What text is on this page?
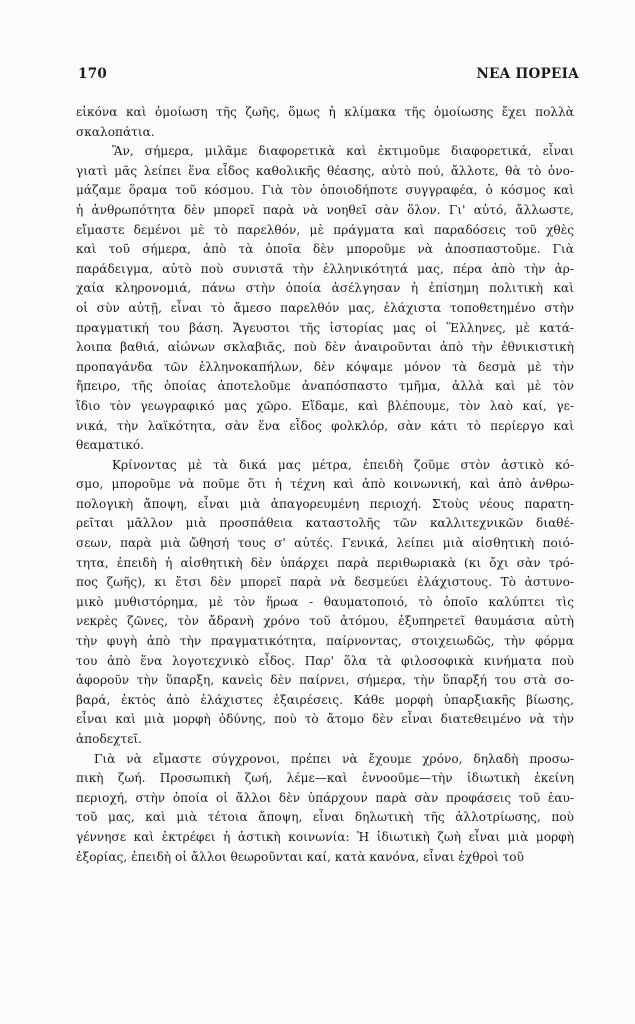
170	ΝΕΑ ΠΟΡΕΙΑ
εἰκόνα καὶ ὁμοίωση τῆς ζωῆς, ὅμως ἡ κλίμακα τῆς ὁμοίωσης ἔχει πολλὰ
σκαλοπάτια.
Ἂν, σήμερα, μιλᾶμε διαφορετικὰ καὶ ἐκτιμοῦμε διαφορετικά, εἶναι
γιατὶ μᾶς λείπει ἕνα εἶδος καθολικῆς θέασης, αὐτὸ πού, ἄλλοτε, θὰ τὸ ὀνο-
μάζαμε ὅραμα τοῦ κόσμου. Γιὰ τὸν ὁποιοδήποτε συγγραφέα, ὁ κόσμος καὶ
ἡ ἀνθρωπότητα δὲν μπορεῖ παρὰ νὰ νοηθεῖ σὰν ὅλον. Γι' αὐτό, ἄλλωστε,
εἴμαστε δεμένοι μὲ τὸ παρελθόν, μὲ πράγματα καὶ παραδόσεις τοῦ χθὲς
καὶ τοῦ σήμερα, ἀπὸ τὰ ὁποῖα δὲν μποροῦμε νὰ ἀποσπαστοῦμε. Γιὰ
παράδειγμα, αὐτὸ ποὺ συνιστᾶ τὴν ἑλληνικότητά μας, πέρα ἀπὸ τὴν ἀρ-
χαία κληρονομιά, πάνω στὴν ὁποία ἀσέλγησαν ἡ ἐπίσημη πολιτικὴ καὶ
οἱ σὺν αὐτῇ, εἶναι τὸ ἄμεσο παρελθόν μας, ἐλάχιστα τοποθετημένο στὴν
πραγματική του βάση. Ἄγευστοι τῆς ἱστορίας μας οἱ Ἕλληνες, μὲ κατά-
λοιπα βαθιά, αἰώνων σκλαβιᾶς, ποὺ δὲν ἀναιροῦνται ἀπὸ τὴν ἐθνικιστικὴ
προπαγάνδα τῶν ἑλληνοκαπήλων, δὲν κόψαμε μόνον τὰ δεσμὰ μὲ τὴν
ἤπειρο, τῆς ὁποίας ἀποτελοῦμε ἀναπόσπαστο τμῆμα, ἀλλὰ καὶ μὲ τὸν
ἴδιο τὸν γεωγραφικό μας χῶρο. Εἴδαμε, καὶ βλέπουμε, τὸν λαὸ καί, γε-
νικά, τὴν λαϊκότητα, σὰν ἕνα εἶδος φολκλόρ, σὰν κάτι τὸ περίεργο καὶ
θεαματικό.
Κρίνοντας μὲ τὰ δικά μας μέτρα, ἐπειδὴ ζοῦμε στὸν ἀστικὸ κό-
σμο, μποροῦμε νὰ ποῦμε ὅτι ἡ τέχνη καὶ ἀπὸ κοινωνική, καὶ ἀπὸ ἀνθρω-
πολογικὴ ἄποψη, εἶναι μιὰ ἀπαγορευμένη περιοχή. Στοὺς νέους παρατη-
ρεῖται μᾶλλον μιὰ προσπάθεια καταστολῆς τῶν καλλιτεχνικῶν διαθέ-
σεων, παρὰ μιὰ ὤθησή τους σ' αὐτές. Γενικά, λείπει μιὰ αἰσθητικὴ ποιό-
τητα, ἐπειδὴ ἡ αἰσθητικὴ δὲν ὑπάρχει παρὰ περιθωριακὰ (κι ὄχι σὰν τρό-
πος ζωῆς), κι ἔτσι δὲν μπορεῖ παρὰ νὰ δεσμεύει ἐλάχιστους. Τὸ ἀστυνο-
μικὸ μυθιστόρημα, μὲ τὸν ἥρωα - θαυματοποιό, τὸ ὁποῖο καλύπτει τὶς
νεκρὲς ζῶνες, τὸν ἄδρανὴ χρόνο τοῦ ἀτόμου, ἐξυπηρετεῖ θαυμάσια αὐτὴ
τὴν φυγὴ ἀπὸ τὴν πραγματικότητα, παίρνοντας, στοιχειωδῶς, τὴν φόρμα
του ἀπὸ ἕνα λογοτεχνικὸ εἶδος. Παρ' ὅλα τὰ φιλοσοφικὰ κινήματα ποὺ
ἀφοροῦν τὴν ὕπαρξη, κανεὶς δὲν παίρνει, σήμερα, τὴν ὕπαρξή του στὰ σο-
βαρά, ἐκτὸς ἀπὸ ἐλάχιστες ἐξαιρέσεις. Κάθε μορφὴ ὑπαρξιακῆς βίωσης,
εἶναι καὶ μιὰ μορφὴ ὀδύνης, ποὺ τὸ ἄτομο δὲν εἶναι διατεθειμένο νὰ τὴν
ἀποδεχτεῖ.
Γιὰ νὰ εἴμαστε σύγχρονοι, πρέπει νὰ ἔχουμε χρόνο, δηλαδὴ προσω-
πικὴ ζωή. Προσωπικὴ ζωή, λέμε—καὶ ἐννοοῦμε—τὴν ἰδιωτικὴ ἐκείνη
περιοχή, στὴν ὁποία οἱ ἄλλοι δὲν ὑπάρχουν παρὰ σὰν προφάσεις τοῦ ἑαυ-
τοῦ μας, καὶ μιὰ τέτοια ἄποψη, εἶναι δηλωτικὴ τῆς ἀλλοτρίωσης, ποὺ
γέννησε καὶ ἐκτρέφει ἡ ἀστικὴ κοινωνία: Ἡ ἰδιωτικὴ ζωὴ εἶναι μιὰ μορφὴ
ἐξορίας, ἐπειδὴ οἱ ἄλλοι θεωροῦνται καί, κατὰ κανόνα, εἶναι ἐχθροὶ τοῦ
